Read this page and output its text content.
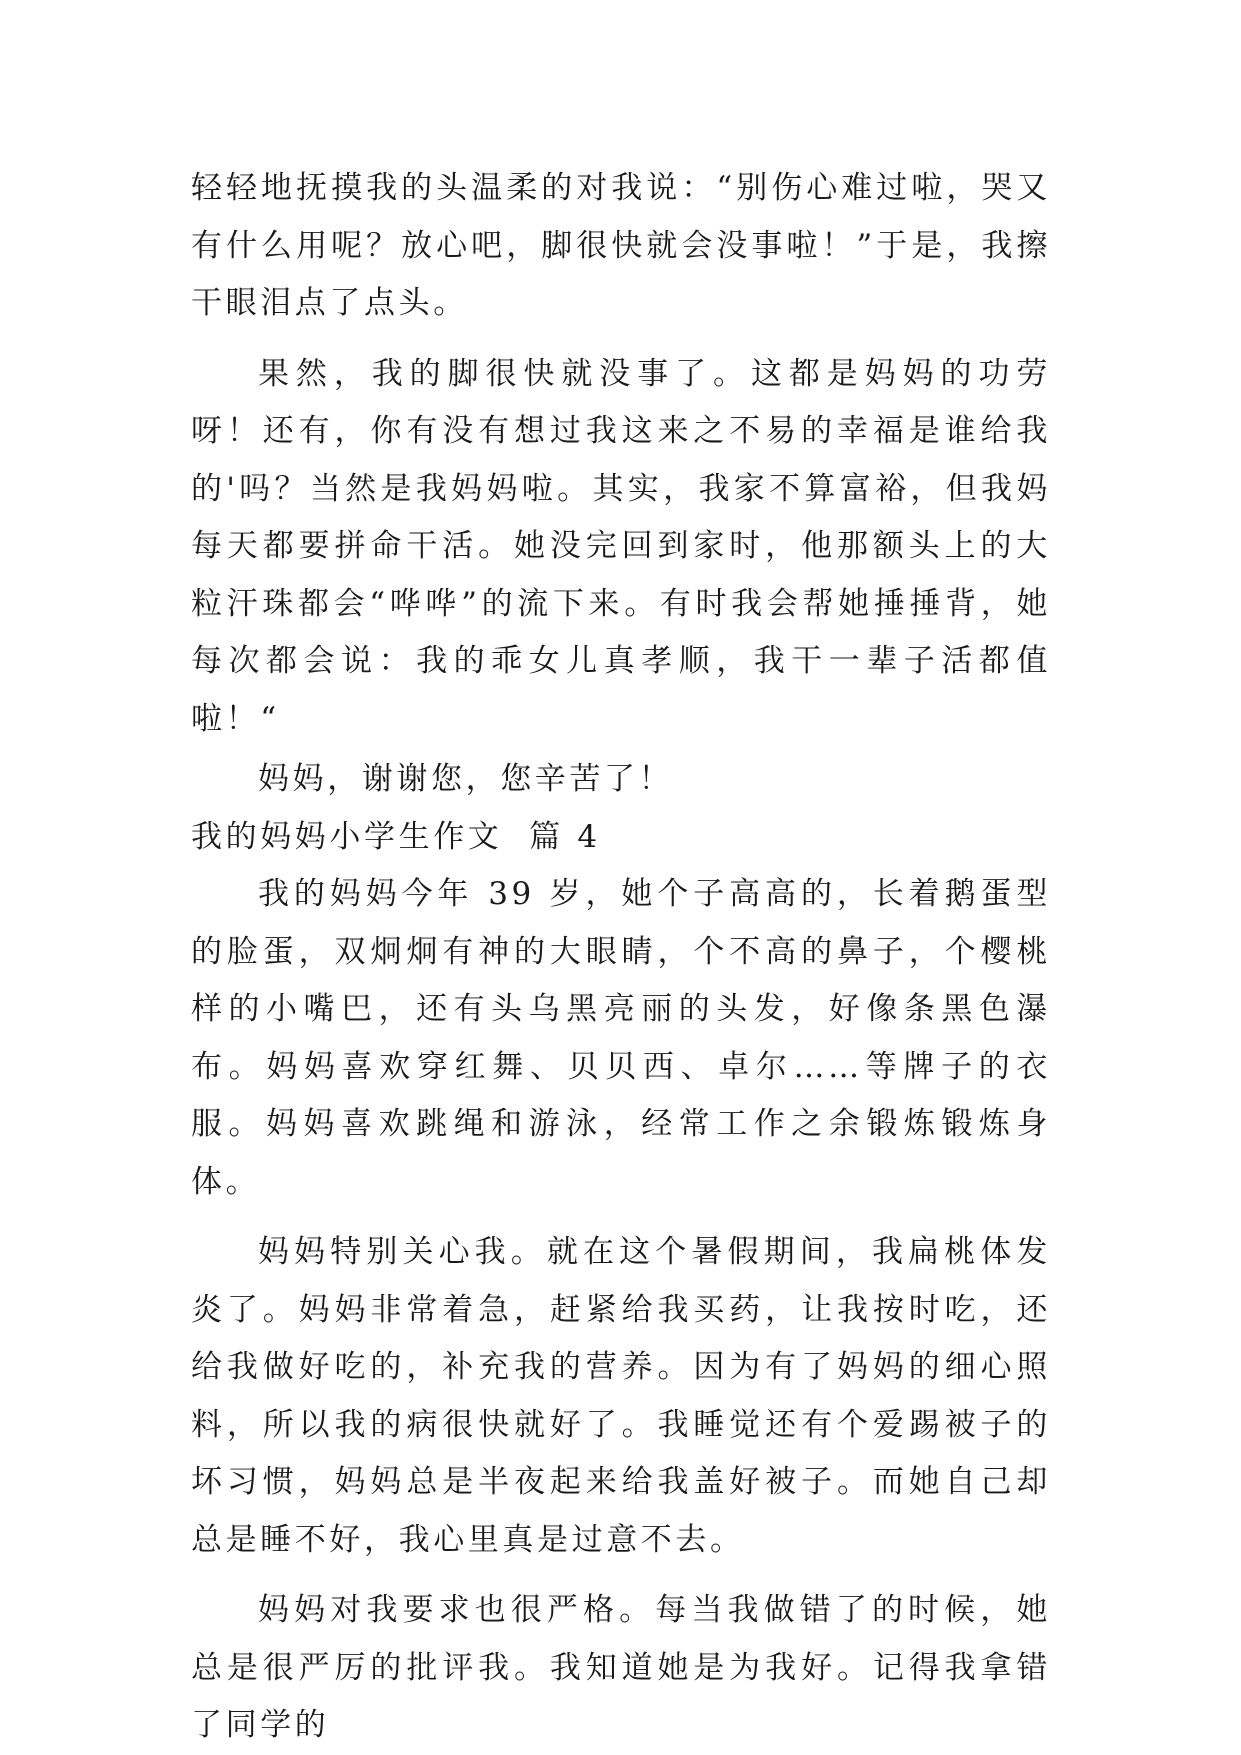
轻轻地抚摸我的头温柔的对我说：“别伤心难过啦，哭又有什么用呢？放心吧，脚很快就会没事啦！”于是，我擦干眼泪点了点头。

果然，我的脚很快就没事了。这都是妈妈的功劳呀！还有，你有没有想过我这来之不易的幸福是谁给我的'吗？当然是我妈妈啦。其实，我家不算富裕，但我妈每天都要拼命干活。她没完回到家时，他那额头上的大粒汗珠都会“哗哗”的流下来。有时我会帮她捶捶背，她每次都会说：我的乖女儿真孝顺，我干一辈子活都值啦！“

妈妈，谢谢您，您辛苦了！

我的妈妈小学生作文  篇 4

我的妈妈今年 39 岁，她个子高高的，长着鹅蛋型的脸蛋，双炯炯有神的大眼睛，个不高的鼻子，个樱桃样的小嘴巴，还有头乌黑亮丽的头发，好像条黑色瀑布。妈妈喜欢穿红舞、贝贝西、卓尔……等牌子的衣服。妈妈喜欢跳绳和游泳，经常工作之余锻炼锻炼身体。

妈妈特别关心我。就在这个暑假期间，我扁桃体发炎了。妈妈非常着急，赶紧给我买药，让我按时吃，还给我做好吃的，补充我的营养。因为有了妈妈的细心照料，所以我的病很快就好了。我睡觉还有个爱踢被子的坏习惯，妈妈总是半夜起来给我盖好被子。而她自己却总是睡不好，我心里真是过意不去。

妈妈对我要求也很严格。每当我做错了的时候，她总是很严厉的批评我。我知道她是为我好。记得我拿错了同学的
